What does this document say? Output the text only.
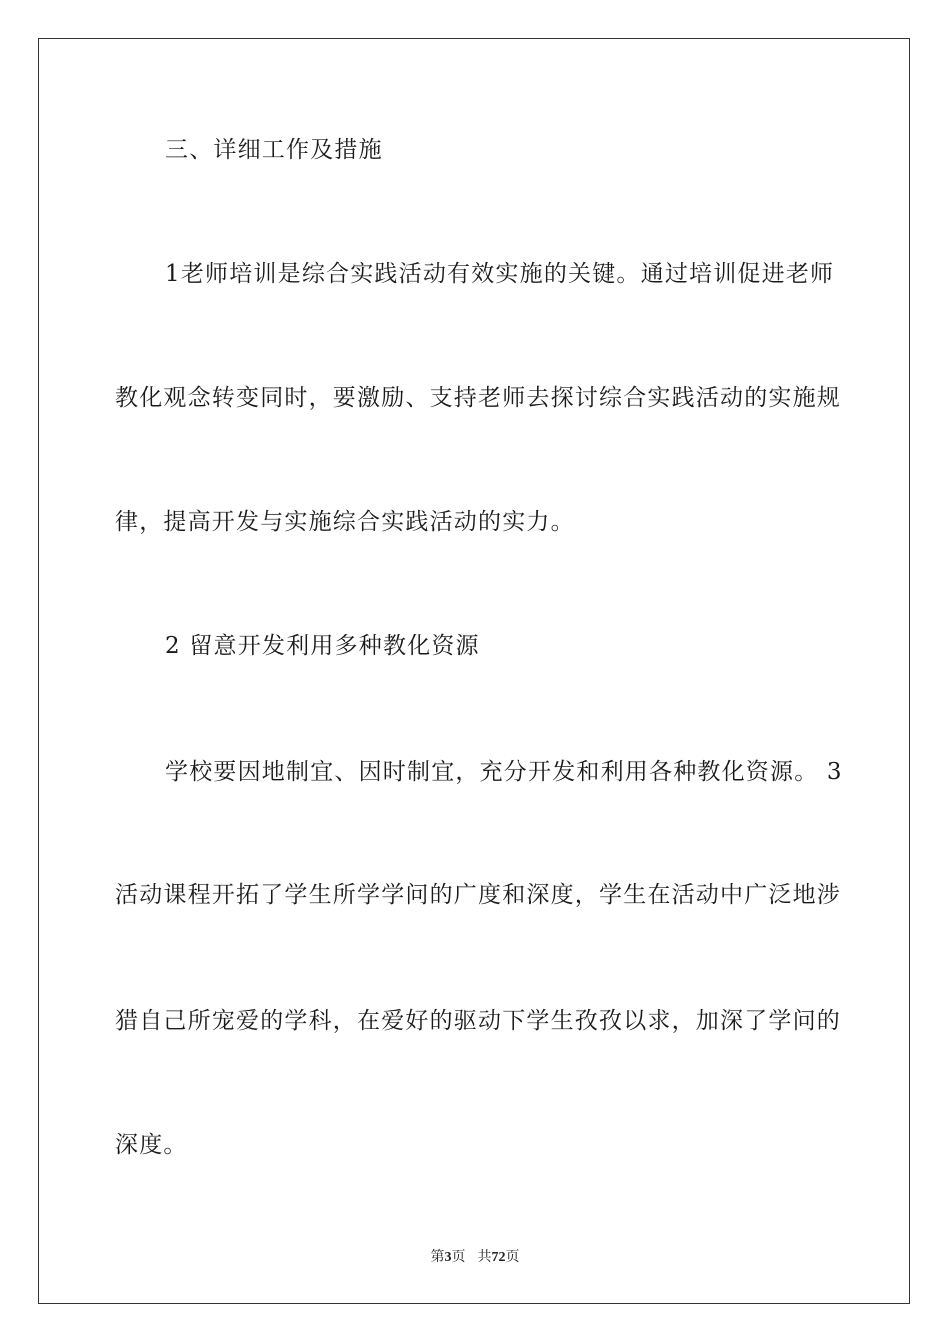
三、详细工作及措施
1老师培训是综合实践活动有效实施的关键。通过培训促进老师
教化观念转变同时，要激励、支持老师去探讨综合实践活动的实施规
律，提高开发与实施综合实践活动的实力。
2 留意开发利用多种教化资源
学校要因地制宜、因时制宜，充分开发和利用各种教化资源。 3
活动课程开拓了学生所学学问的广度和深度，学生在活动中广泛地涉
猎自己所宠爱的学科，在爱好的驱动下学生孜孜以求，加深了学问的
深度。
第3页 共72页
